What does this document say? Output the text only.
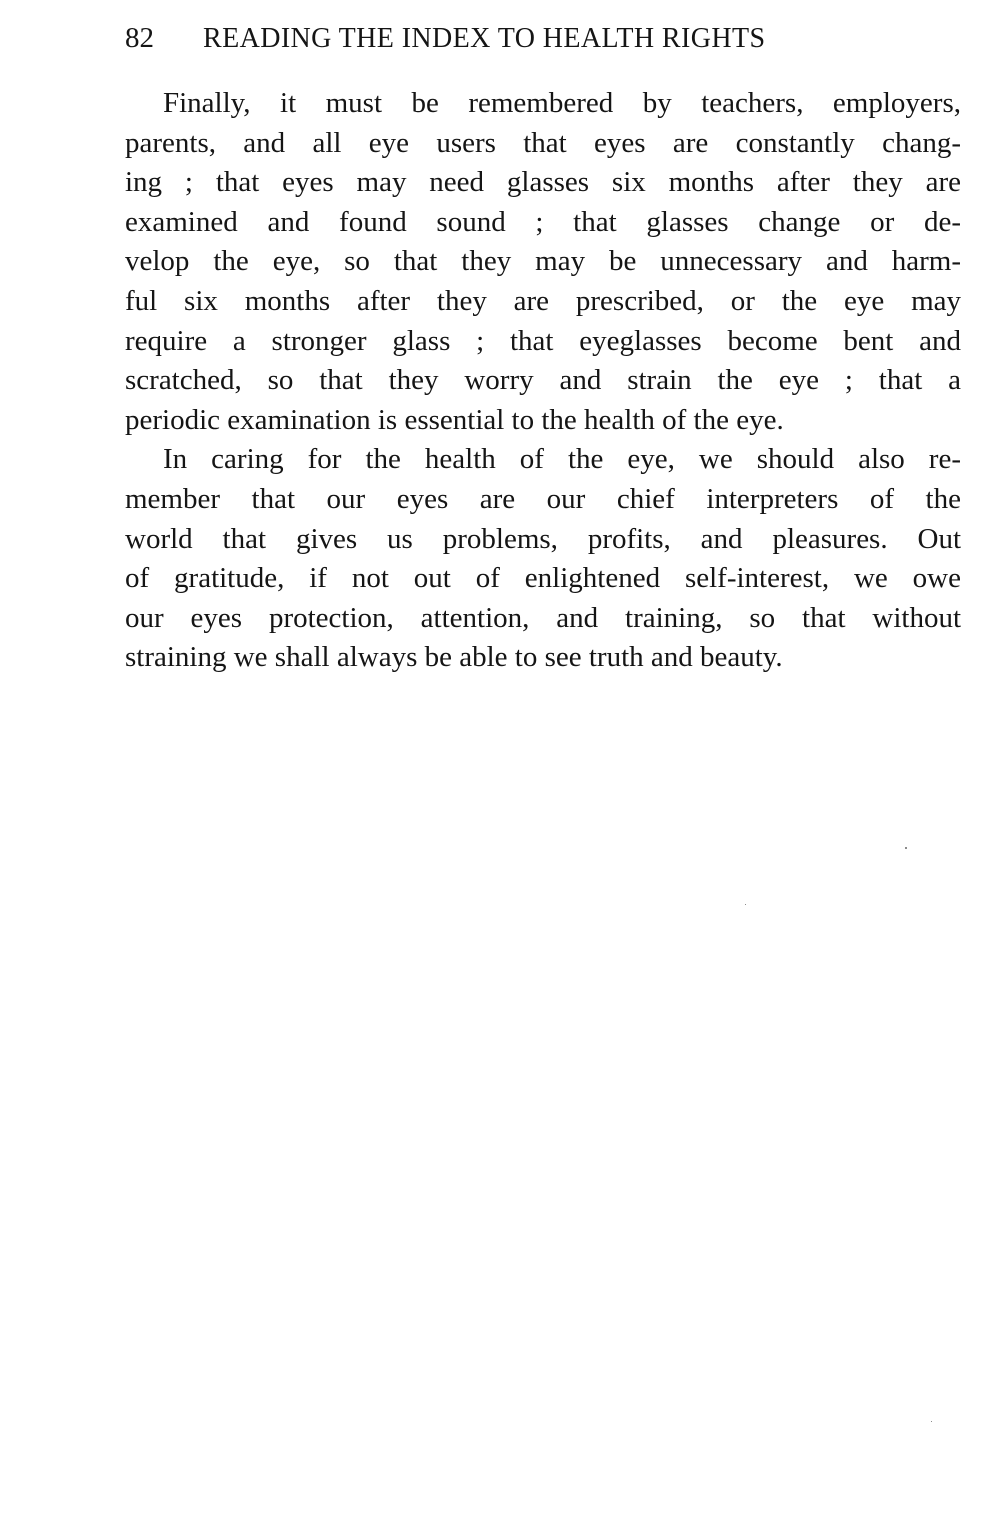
82 READING THE INDEX TO HEALTH RIGHTS
Finally, it must be remembered by teachers, employers,
parents, and all eye users that eyes are constantly chang-
ing ; that eyes may need glasses six months after they are
examined and found sound ; that glasses change or de-
velop the eye, so that they may be unnecessary and harm-
ful six months after they are prescribed, or the eye may
require a stronger glass ; that eyeglasses become bent and
scratched, so that they worry and strain the eye ; that a
periodic examination is essential to the health of the eye.
In caring for the health of the eye, we should also re-
member that our eyes are our chief interpreters of the
world that gives us problems, profits, and pleasures. Out
of gratitude, if not out of enlightened self-interest, we owe
our eyes protection, attention, and training, so that without
straining we shall always be able to see truth and beauty.
